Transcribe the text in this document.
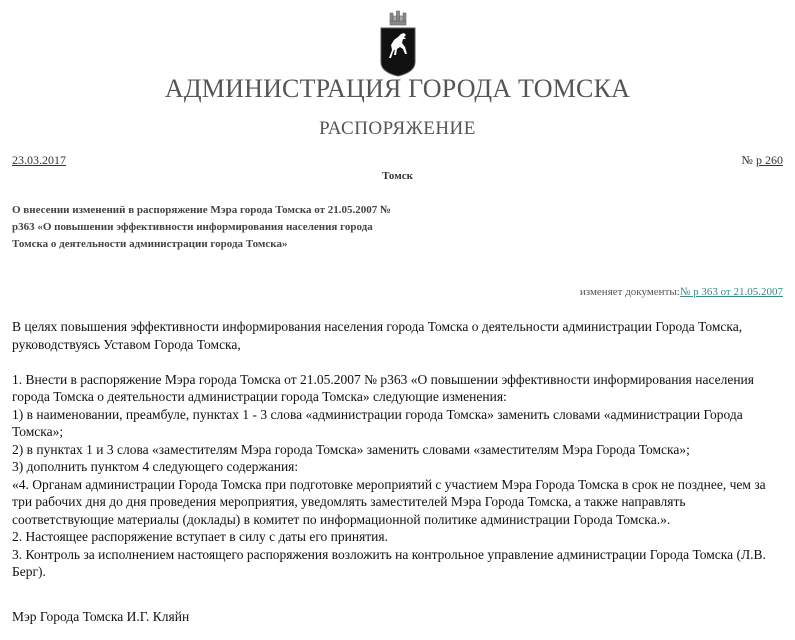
АДМИНИСТРАЦИЯ ГОРОДА ТОМСКА
РАСПОРЯЖЕНИЕ
23.03.2017	№ р 260
Томск
О внесении изменений в распоряжение Мэра города Томска от 21.05.2007 № р363 «О повышении эффективности информирования населения города Томска о деятельности администрации города Томска»
изменяет документы:№ р 363 от 21.05.2007

В целях повышения эффективности информирования населения города Томска о деятельности администрации Города Томска, руководствуясь Уставом Города Томска,

1. Внести в распоряжение Мэра города Томска от 21.05.2007 № р363 «О повышении эффективности информирования населения города Томска о деятельности администрации города Томска» следующие изменения:

1) в наименовании, преамбуле, пунктах 1 - 3 слова «администрации города Томска» заменить словами «администрации Города Томска»;

2) в пунктах 1 и 3 слова «заместителям Мэра города Томска» заменить словами «заместителям Мэра Города Томска»;

3) дополнить пунктом 4 следующего содержания:

«4. Органам администрации Города Томска при подготовке мероприятий с участием Мэра Города Томска в срок не позднее, чем за три рабочих дня до дня проведения мероприятия, уведомлять заместителей Мэра Города Томска, а также направлять соответствующие материалы (доклады) в комитет по информационной политике администрации Города Томска.».

2. Настоящее распоряжение вступает в силу с даты его принятия.

3. Контроль за исполнением настоящего распоряжения возложить на контрольное управление администрации Города Томска (Л.В. Берг).

Мэр Города Томска И.Г. Кляйн
